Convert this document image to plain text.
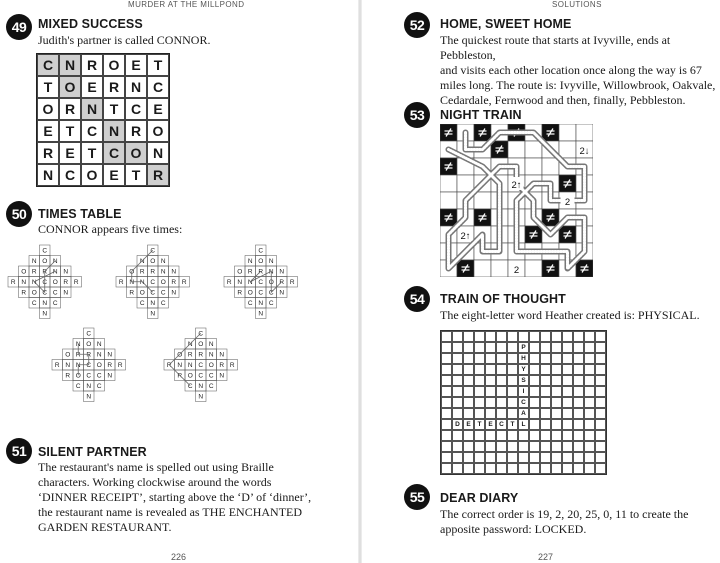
MURDER AT THE MILLPOND
49 MIXED SUCCESS
Judith's partner is called CONNOR.
C N R O E T
T O E R N C
O R N T C E
E T C N R O
R E T C O N
N C O E T R
50 TIMES TABLE
CONNOR appears five times:
C
N O N
O R R N N
R N N C O R R
R O C C N
C N C
N
C
N O N
O R R N N
R N N C O R R
R O C C N
C N C
N
C
N O N
O R R N N
R N N C O R R
R O C C N
C N C
N
C
N O N
O R R N N
R N N C O R R
R O C C N
C N C
N
C
N O N
O R R N N
R N N C O R R
R O C C N
C N C
N
51 SILENT PARTNER
The restaurant's name is spelled out using Braille
characters. Working clockwise around the words
‘DINNER RECEIPT’, starting above the ‘D’ of ‘dinner’,
the restaurant name is revealed as THE ENCHANTED
GARDEN RESTAURANT.
226
SOLUTIONS
52	HOME, SWEET HOME
The quickest route that starts at Ivyville, ends at Pebbleston,
and visits each other location once along the way is 67
miles long. The route is: Ivyville, Willowbrook, Oakvale,
Cedardale, Fernwood and then, finally, Pebbleston.
53	NIGHT TRAIN
2↓
2↑
2
2↑
2
54	TRAIN OF THOUGHT
The eight-letter word Heather created is: PHYSICAL.
55	DEAR DIARY
The correct order is 19, 2, 20, 25, 0, 11 to create the
apposite password: LOCKED.
227
P
H
Y
S
I
C
A
D E	T	E C	T	L
